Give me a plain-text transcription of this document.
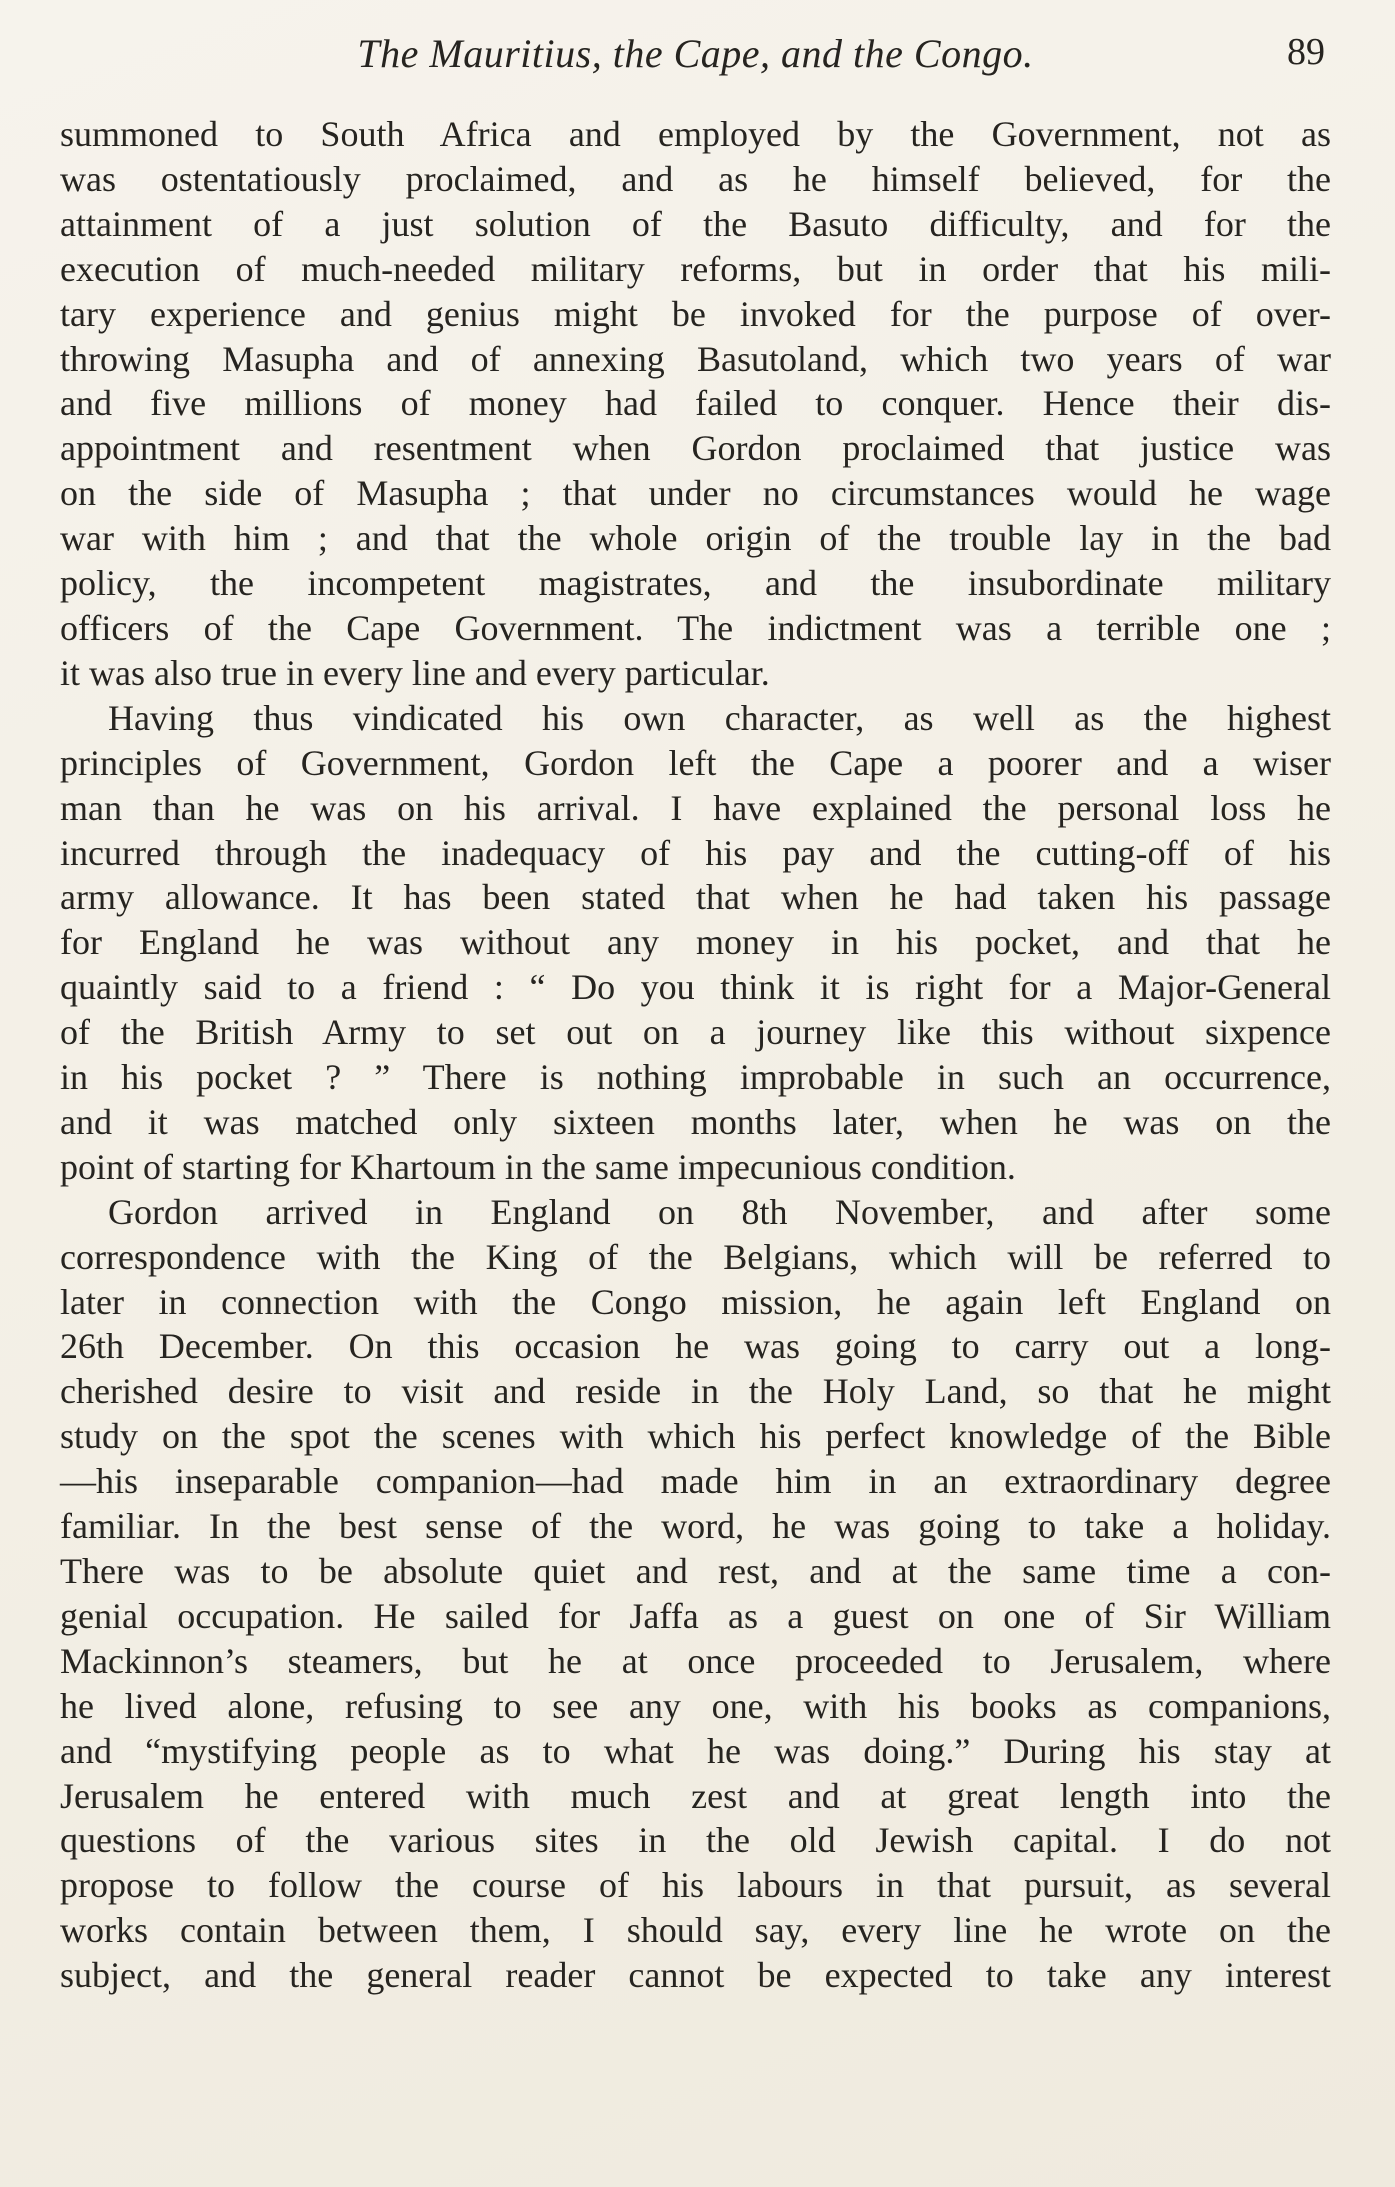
The Mauritius, the Cape, and the Congo.	89
summoned to South Africa and employed by the Government, not as
was ostentatiously proclaimed, and as he himself believed, for the
attainment of a just solution of the Basuto difficulty, and for the
execution of much-needed military reforms, but in order that his mili-
tary experience and genius might be invoked for the purpose of over-
throwing Masupha and of annexing Basutoland, which two years of war
and five millions of money had failed to conquer. Hence their dis-
appointment and resentment when Gordon proclaimed that justice was
on the side of Masupha ; that under no circumstances would he wage
war with him ; and that the whole origin of the trouble lay in the bad
policy, the incompetent magistrates, and the insubordinate military
officers of the Cape Government. The indictment was a terrible one ;
it was also true in every line and every particular.
Having thus vindicated his own character, as well as the highest
principles of Government, Gordon left the Cape a poorer and a wiser
man than he was on his arrival. I have explained the personal loss he
incurred through the inadequacy of his pay and the cutting-off of his
army allowance. It has been stated that when he had taken his passage
for England he was without any money in his pocket, and that he
quaintly said to a friend : “ Do you think it is right for a Major-General
of the British Army to set out on a journey like this without sixpence
in his pocket ? ” There is nothing improbable in such an occurrence,
and it was matched only sixteen months later, when he was on the
point of starting for Khartoum in the same impecunious condition.
Gordon arrived in England on 8th November, and after some
correspondence with the King of the Belgians, which will be referred to
later in connection with the Congo mission, he again left England on
26th December. On this occasion he was going to carry out a long-
cherished desire to visit and reside in the Holy Land, so that he might
study on the spot the scenes with which his perfect knowledge of the Bible
—his inseparable companion—had made him in an extraordinary degree
familiar. In the best sense of the word, he was going to take a holiday.
There was to be absolute quiet and rest, and at the same time a con-
genial occupation. He sailed for Jaffa as a guest on one of Sir William
Mackinnon’s steamers, but he at once proceeded to Jerusalem, where
he lived alone, refusing to see any one, with his books as companions,
and “mystifying people as to what he was doing.” During his stay at
Jerusalem he entered with much zest and at great length into the
questions of the various sites in the old Jewish capital. I do not
propose to follow the course of his labours in that pursuit, as several
works contain between them, I should say, every line he wrote on the
subject, and the general reader cannot be expected to take any interest
